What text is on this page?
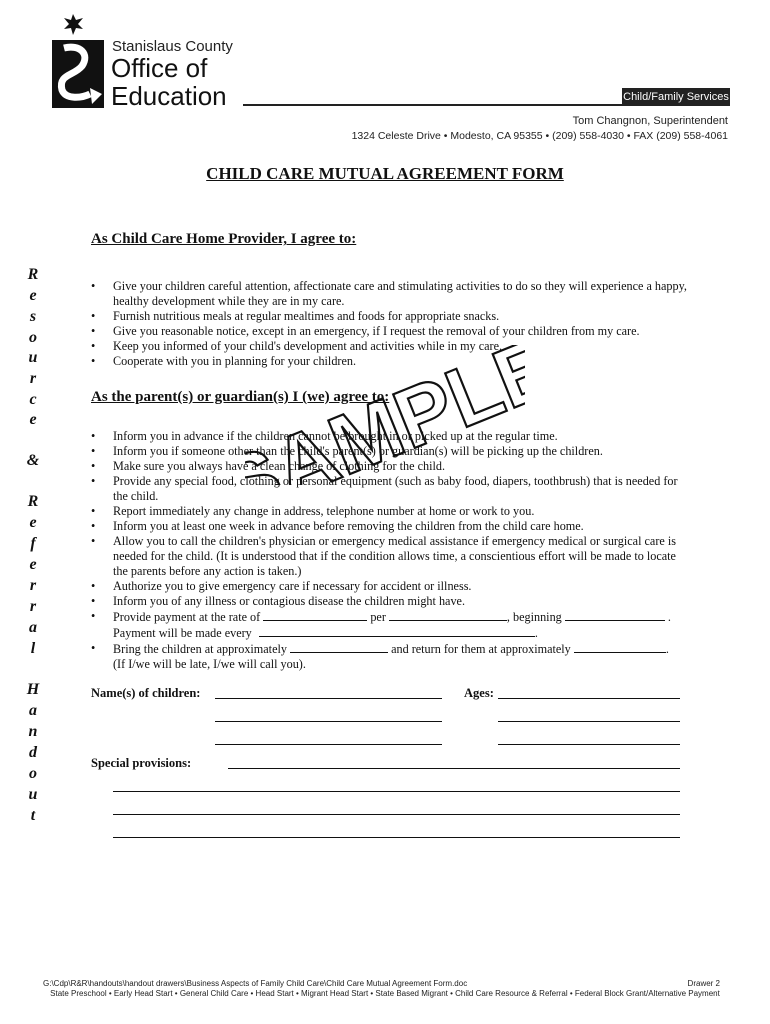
Stanislaus County
Office of
Education	Child/Family Services
Tom Changnon, Superintendent
1324 Celeste Drive • Modesto, CA 95355 • (209) 558-4030 • FAX (209) 558-4061
CHILD CARE MUTUAL AGREEMENT FORM
R
e
s
o
u
r
c
e
&
R
e
f
e
r
r
a
l
H
a
n
d
o
u
t
As Child Care Home Provider, I agree to:
• Give your children careful attention, affectionate care and stimulating activities to do so they will experience a happy, healthy development while they are in my care.
• Furnish nutritious meals at regular mealtimes and foods for appropriate snacks.
• Give you reasonable notice, except in an emergency, if I request the removal of your children from my care.
• Keep you informed of your child's development and activities while in my care.
• Cooperate with you in planning for your children.
As the parent(s) or guardian(s) I (we) agree to:
• Inform you in advance if the children cannot be brought in or picked up at the regular time.
• Inform you if someone other than the child's parent(s) or guardian(s) will be picking up the children.
• Make sure you always have a clean change of clothing for the child.
• Provide any special food, clothing or personal equipment (such as baby food, diapers, toothbrush) that is needed for the child.
• Report immediately any change in address, telephone number at home or work to you.
• Inform you at least one week in advance before removing the children from the child care home.
• Allow you to call the children's physician or emergency medical assistance if emergency medical or surgical care is needed for the child. (It is understood that if the condition allows time, a conscientious effort will be made to locate the parents before any action is taken.)
• Authorize you to give emergency care if necessary for accident or illness.
• Inform you of any illness or contagious disease the children might have.
• Provide payment at the rate of	per	, beginning	.
Payment will be made every	.
• Bring the children at approximately	and return for them at approximately	.
(If I/we will be late, I/we will call you).
Name(s) of children:	Ages:
Special provisions:
SAMPLE
G:\Cdp\R&R\handouts\handout drawers\Business Aspects of Family Child Care\Child Care Mutual Agreement Form.doc	Drawer 2
State Preschool • Early Head Start • General Child Care • Head Start • Migrant Head Start • State Based Migrant • Child Care Resource & Referral • Federal Block Grant/Alternative Payment
